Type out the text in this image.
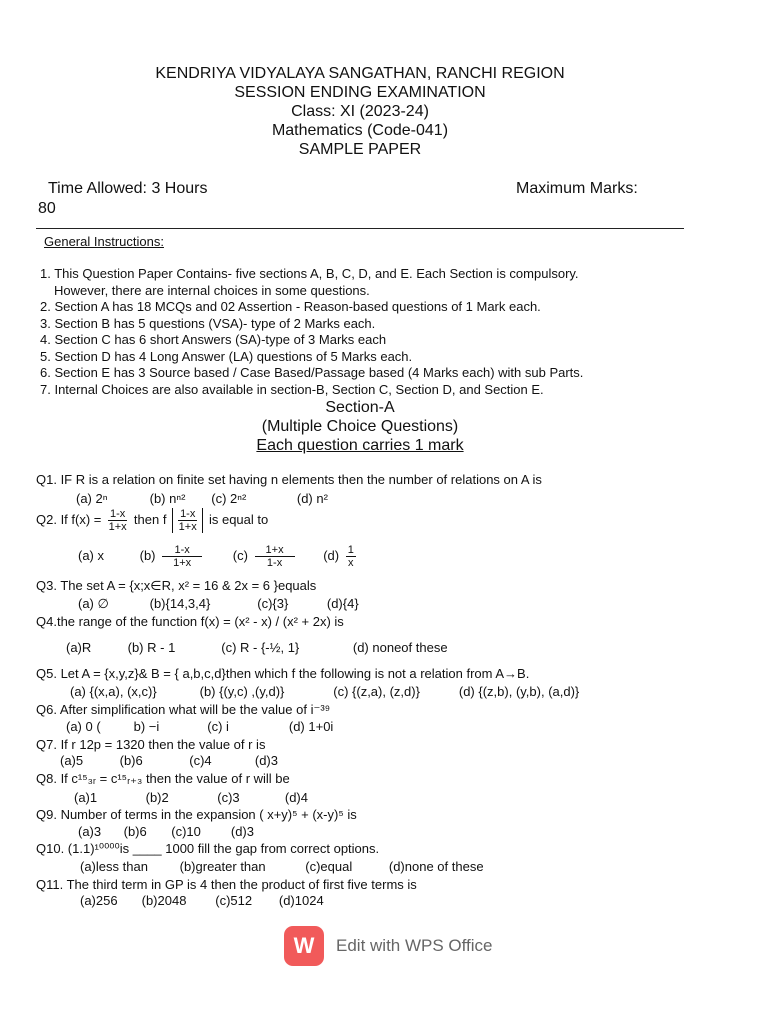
KENDRIYA VIDYALAYA SANGATHAN, RANCHI REGION
SESSION ENDING EXAMINATION
Class: XI (2023-24)
Mathematics (Code-041)
SAMPLE PAPER
Time Allowed: 3 Hours	Maximum Marks:
80
General Instructions:
1. This Question Paper Contains- five sections A, B, C, D, and E. Each Section is compulsory.
However, there are internal choices in some questions.
2. Section A has 18 MCQs and 02 Assertion - Reason-based questions of 1 Mark each.
3. Section B has 5 questions (VSA)- type of 2 Marks each.
4. Section C has 6 short Answers (SA)-type of 3 Marks each
5. Section D has 4 Long Answer (LA) questions of 5 Marks each.
6. Section E has 3 Source based / Case Based/Passage based (4 Marks each) with sub Parts.
7. Internal Choices are also available in section-B, Section C, Section D, and Section E.
Section-A
(Multiple Choice Questions)
Each question carries 1 mark
Q1. IF R is a relation on finite set having n elements then the number of relations on A is
(a) 2ⁿ	(b) nⁿ² (c) 2ⁿ²	(d) n²
Q2. If $f(x) = \frac{1-x}{1+x}$ then f $\frac{1-x}{1+x}$ is equal to
(a) x	$(b) \frac{1-x}{1+x} (c) \frac{1+x}{1-x} (d) \frac{1}{x}$
Q3. The set A = {x;x∈R, x² = 16 & 2x = 6 }equals
(a) ∅	(b){14,3,4}	(c){3}	(d){4}
Q4.the range of the function f(x) = (x² - x) / (x² + 2x) is
(a)R	(b) R - 1	(c) R - {-½, 1}	(d) noneof these
Q5. Let A = {x,y,z}& B = { a,b,c,d}then which f the following is not a relation from A→B.
(a) {(x,a), (x,c)}	(b) {(y,c) ,(y,d)}	(c) {(z,a), (z,d)}	(d) {(z,b), (y,b), (a,d)}
Q6. After simplification what will be the value of i⁻³⁹
(a) 0 (	b) −i	(c) i	(d) 1+0i
Q7. If r 12p = 1320 then the value of r is
(a)5	(b)6	(c)4	(d)3
Q8. If c¹⁵₃ᵣ = c¹⁵ᵣ₊₃ then the value of r will be
(a)1	(b)2	(c)3	(d)4
Q9. Number of terms in the expansion ( x+y)⁵ + (x-y)⁵ is
(a)3 (b)6 (c)10 (d)3
Q10. (1.1)¹⁰⁰⁰⁰is ____ 1000 fill the gap from correct options.
(a)less than (b)greater than	(c)equal	(d)none of these
Q11. The third term in GP is 4 then the product of first five terms is
(a)256 (b)2048 (c)512 (d)1024
W	Edit with WPS Office
